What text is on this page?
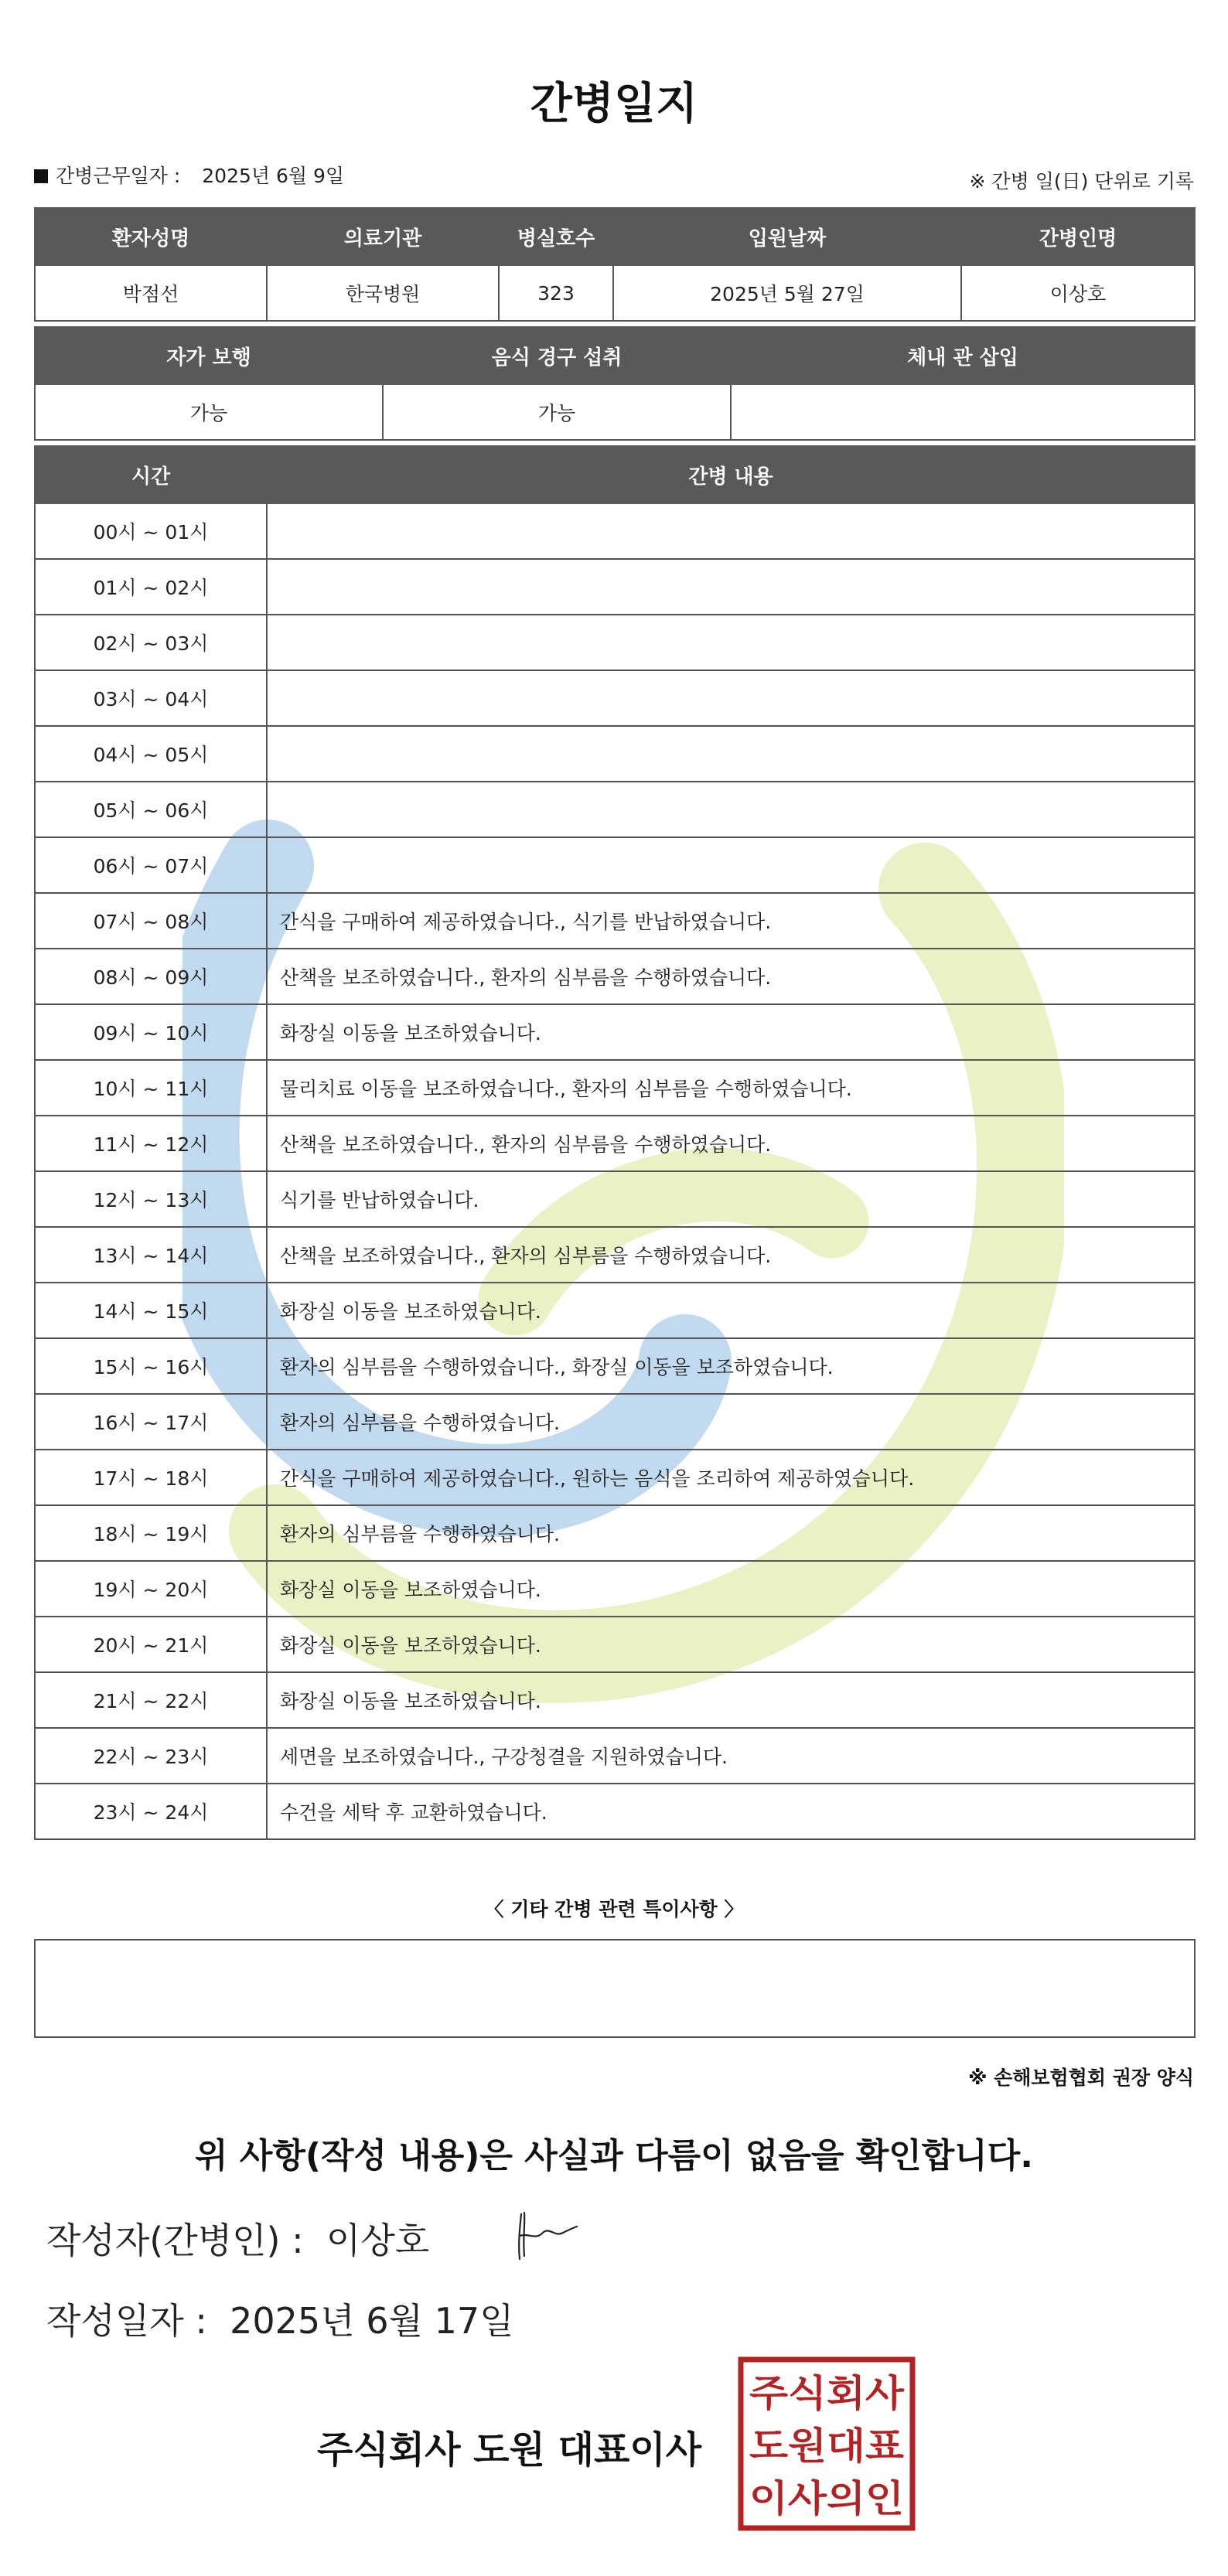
간병일지
간병근무일자 : 2025년 6월 9일	※ 간병 일(日) 단위로 기록
환자성명	의료기관	병실호수	입원날짜	간병인명
박점선	한국병원	323	2025년 5월 27일	이상호
자가 보행	음식 경구 섭취	체내 관 삽입
가능	가능	
시간	간병 내용
00시 ~ 01시	
01시 ~ 02시	
02시 ~ 03시	
03시 ~ 04시	
04시 ~ 05시	
05시 ~ 06시	
06시 ~ 07시	
07시 ~ 08시	간식을 구매하여 제공하였습니다., 식기를 반납하였습니다.
08시 ~ 09시	산책을 보조하였습니다., 환자의 심부름을 수행하였습니다.
09시 ~ 10시	화장실 이동을 보조하였습니다.
10시 ~ 11시	물리치료 이동을 보조하였습니다., 환자의 심부름을 수행하였습니다.
11시 ~ 12시	산책을 보조하였습니다., 환자의 심부름을 수행하였습니다.
12시 ~ 13시	식기를 반납하였습니다.
13시 ~ 14시	산책을 보조하였습니다., 환자의 심부름을 수행하였습니다.
14시 ~ 15시	화장실 이동을 보조하였습니다.
15시 ~ 16시	환자의 심부름을 수행하였습니다., 화장실 이동을 보조하였습니다.
16시 ~ 17시	환자의 심부름을 수행하였습니다.
17시 ~ 18시	간식을 구매하여 제공하였습니다., 원하는 음식을 조리하여 제공하였습니다.
18시 ~ 19시	환자의 심부름을 수행하였습니다.
19시 ~ 20시	화장실 이동을 보조하였습니다.
20시 ~ 21시	화장실 이동을 보조하였습니다.
21시 ~ 22시	화장실 이동을 보조하였습니다.
22시 ~ 23시	세면을 보조하였습니다., 구강청결을 지원하였습니다.
23시 ~ 24시	수건을 세탁 후 교환하였습니다.
〈 기타 간병 관련 특이사항 〉
※ 손해보험협회 권장 양식
위 사항(작성 내용)은 사실과 다름이 없음을 확인합니다.
작성자(간병인) : 이상호
작성일자 : 2025년 6월 17일
주식회사 도원 대표이사
주식회사
도원대표
이사의인
